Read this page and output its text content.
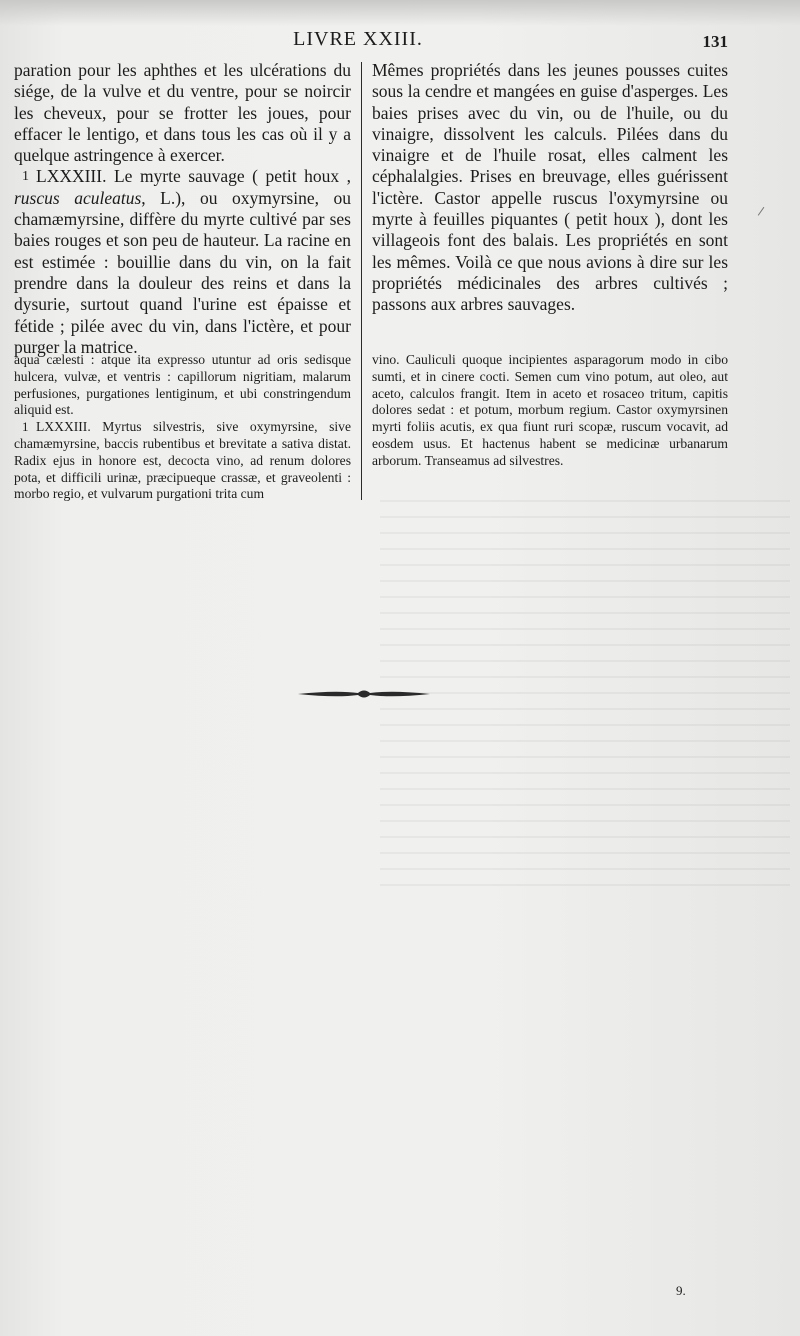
LIVRE XXIII.	131

paration pour les aphthes et les ulcérations du siége, de la vulve et du ventre, pour se noircir les cheveux, pour se frotter les joues, pour effacer le lentigo, et dans tous les cas où il y a quelque astringence à exercer.

1 LXXXIII. Le myrte sauvage ( petit houx , ruscus aculeatus, L.), ou oxymyrsine, ou chamæmyrsine, diffère du myrte cultivé par ses baies rouges et son peu de hauteur. La racine en est estimée : bouillie dans du vin, on la fait prendre dans la douleur des reins et dans la dysurie, surtout quand l'urine est épaisse et fétide ; pilée avec du vin, dans l'ictère, et pour purger la matrice.

Mêmes propriétés dans les jeunes pousses cuites sous la cendre et mangées en guise d'asperges. Les baies prises avec du vin, ou de l'huile, ou du vinaigre, dissolvent les calculs. Pilées dans du vinaigre et de l'huile rosat, elles calment les céphalalgies. Prises en breuvage, elles guérissent l'ictère. Castor appelle ruscus l'oxymyrsine ou myrte à feuilles piquantes ( petit houx ), dont les villageois font des balais. Les propriétés en sont les mêmes. Voilà ce que nous avions à dire sur les propriétés médicinales des arbres cultivés ; passons aux arbres sauvages.

aqua cælesti : atque ita expresso utuntur ad oris sedisque hulcera, vulvæ, et ventris : capillorum nigritiam, malarum perfusiones, purgationes lentiginum, et ubi constringendum aliquid est.

1 LXXXIII. Myrtus silvestris, sive oxymyrsine, sive chamæmyrsine, baccis rubentibus et brevitate a sativa distat. Radix ejus in honore est, decocta vino, ad renum dolores pota, et difficili urinæ, præcipueque crassæ, et graveolenti : morbo regio, et vulvarum purgationi trita cum

vino. Cauliculi quoque incipientes asparagorum modo in cibo sumti, et in cinere cocti. Semen cum vino potum, aut oleo, aut aceto, calculos frangit. Item in aceto et rosaceo tritum, capitis dolores sedat : et potum, morbum regium. Castor oxymyrsinen myrti foliis acutis, ex qua fiunt ruri scopæ, ruscum vocavit, ad eosdem usus. Et hactenus habent se medicinæ urbanarum arborum. Transeamus ad silvestres.

9.
